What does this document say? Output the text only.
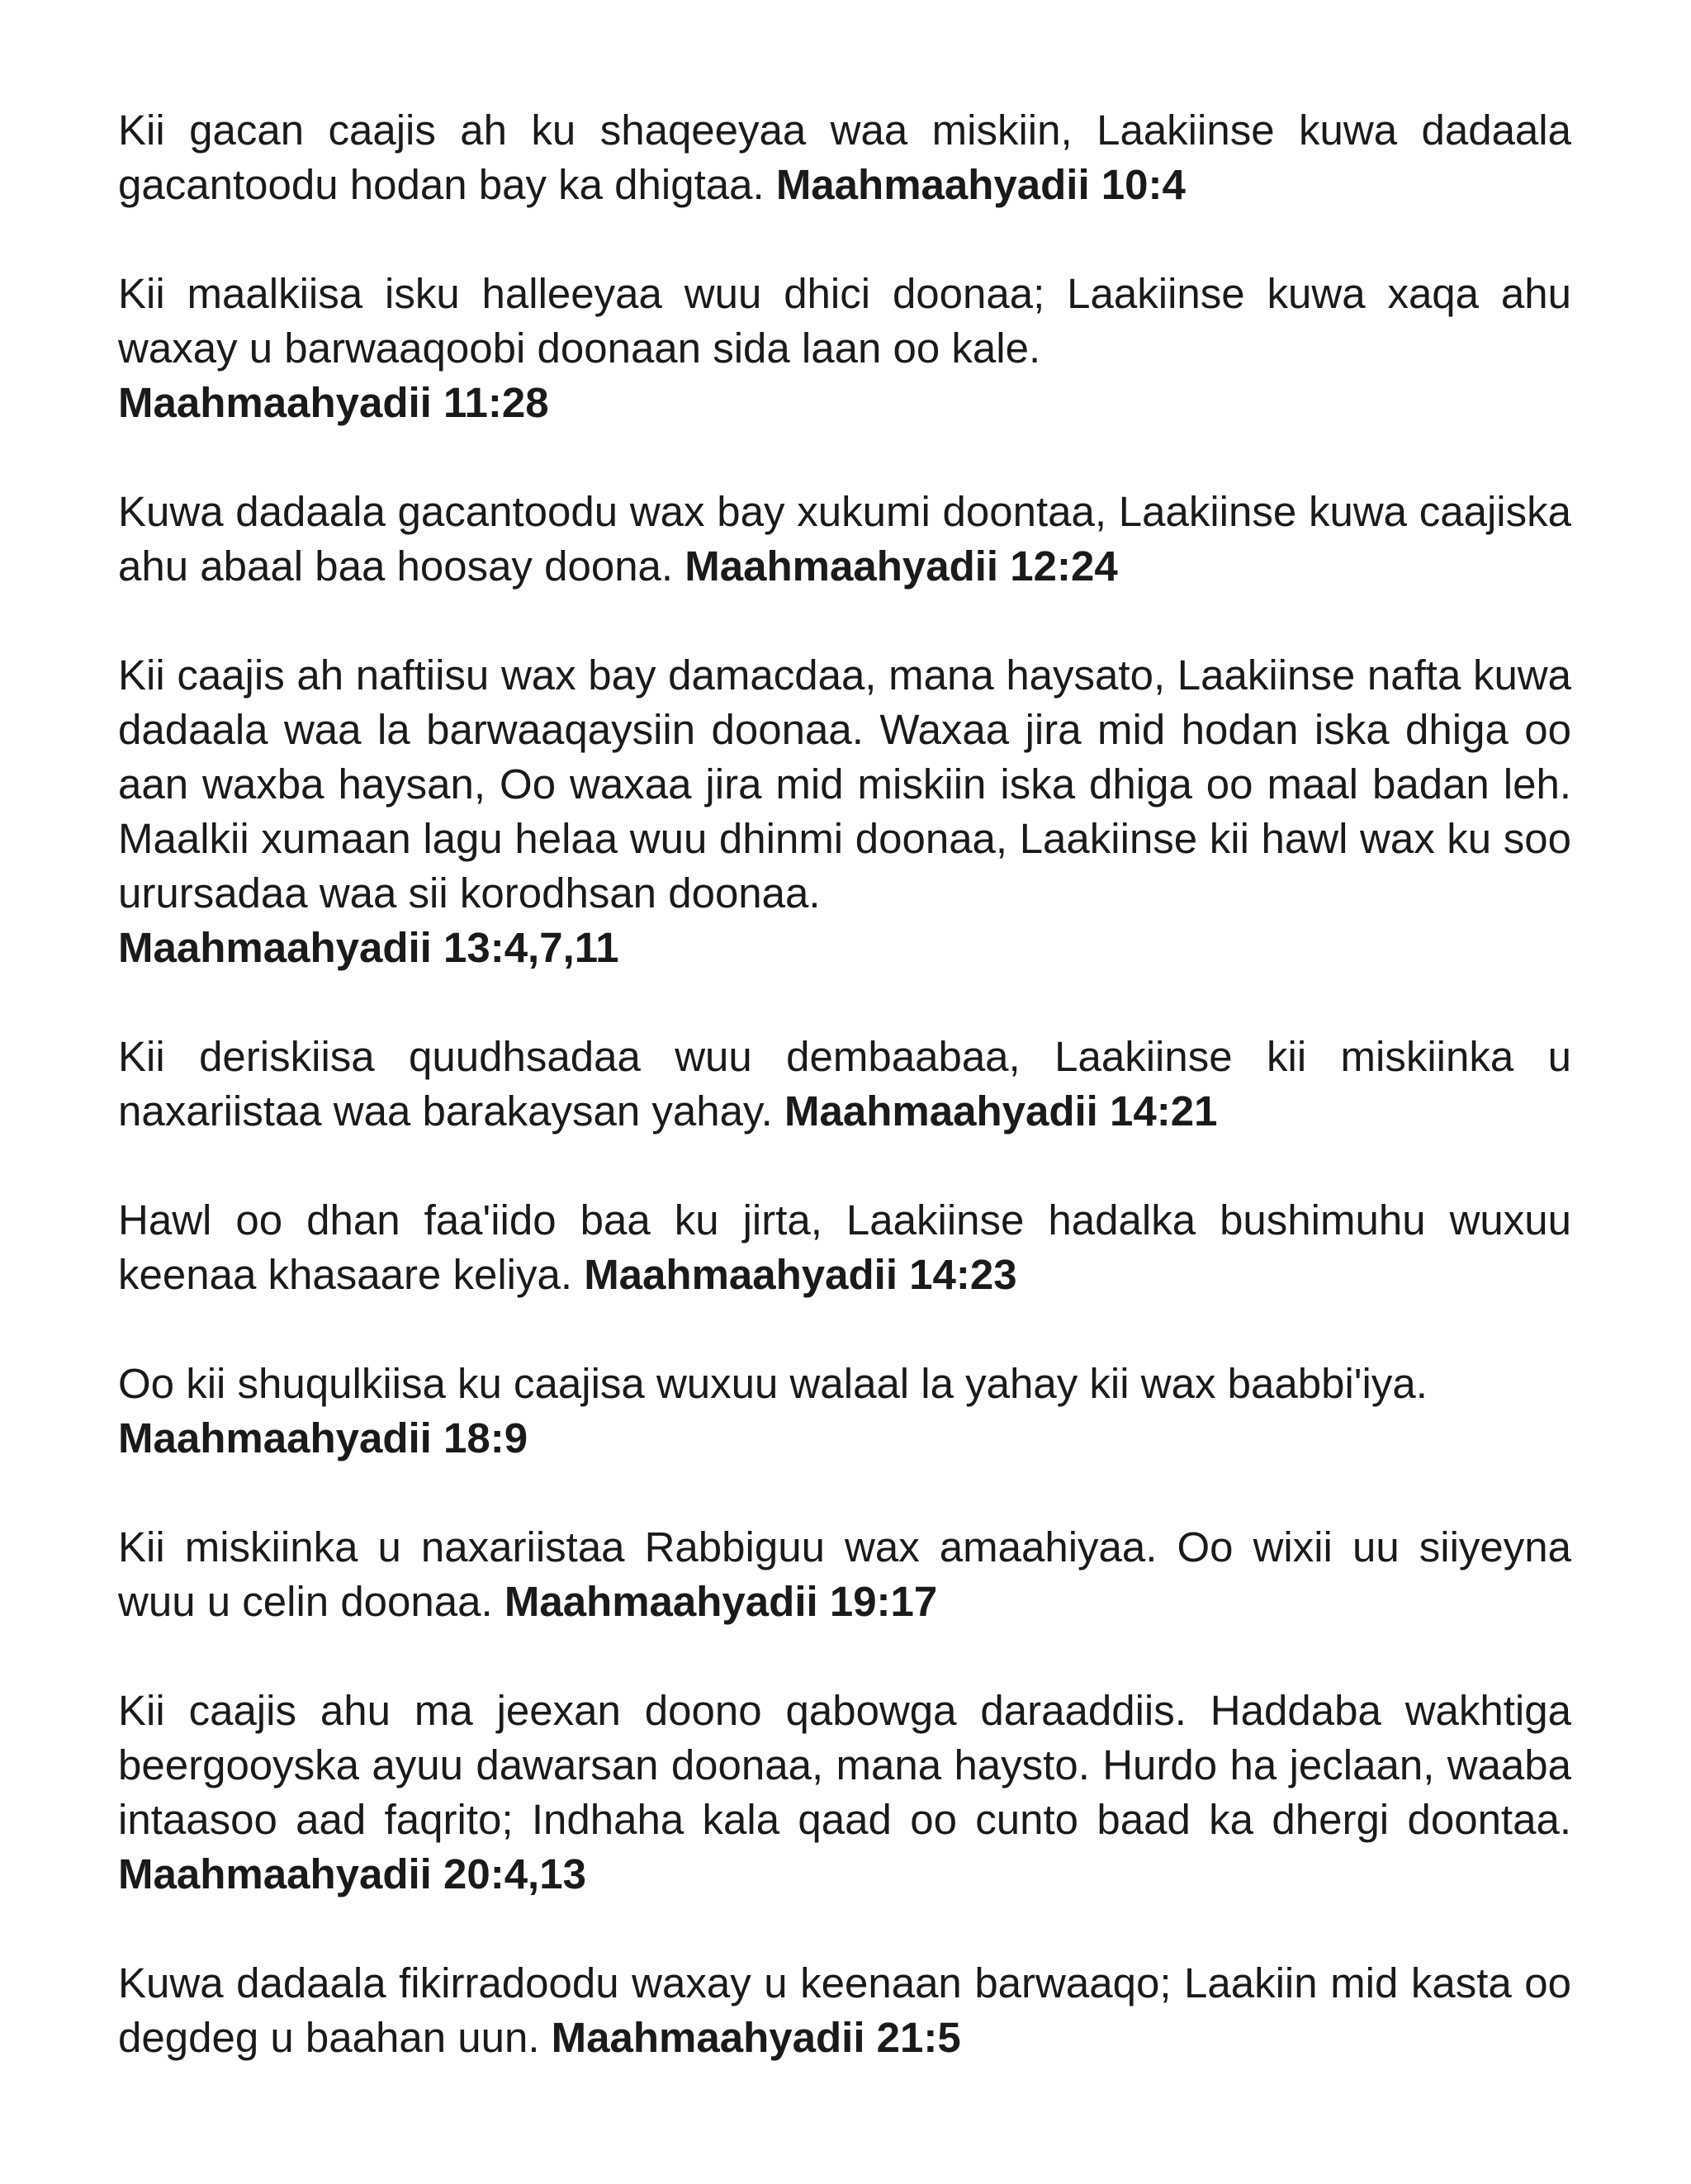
Kii gacan caajis ah ku shaqeeyaa waa miskiin, Laakiinse kuwa dadaala gacantoodu hodan bay ka dhigtaa. Maahmaahyadii 10:4

Kii maalkiisa isku halleeyaa wuu dhici doonaa; Laakiinse kuwa xaqa ahu waxay u barwaaqoobi doonaan sida laan oo kale.
Maahmaahyadii 11:28

Kuwa dadaala gacantoodu wax bay xukumi doontaa, Laakiinse kuwa caajiska ahu abaal baa hoosay doona. Maahmaahyadii 12:24

Kii caajis ah naftiisu wax bay damacdaa, mana haysato, Laakiinse nafta kuwa dadaala waa la barwaaqaysiin doonaa. Waxaa jira mid hodan iska dhiga oo aan waxba haysan, Oo waxaa jira mid miskiin iska dhiga oo maal badan leh. Maalkii xumaan lagu helaa wuu dhinmi doonaa, Laakiinse kii hawl wax ku soo urursadaa waa sii korodhsan doonaa.
Maahmaahyadii 13:4,7,11

Kii deriskiisa quudhsadaa wuu dembaabaa, Laakiinse kii miskiinka u naxariistaa waa barakaysan yahay. Maahmaahyadii 14:21

Hawl oo dhan faa'iido baa ku jirta, Laakiinse hadalka bushimuhu wuxuu keenaa khasaare keliya. Maahmaahyadii 14:23

Oo kii shuqulkiisa ku caajisa wuxuu walaal la yahay kii wax baabbi'iya.
Maahmaahyadii 18:9

Kii miskiinka u naxariistaa Rabbiguu wax amaahiyaa. Oo wixii uu siiyeyna wuu u celin doonaa. Maahmaahyadii 19:17

Kii caajis ahu ma jeexan doono qabowga daraaddiis. Haddaba wakhtiga beergooyska ayuu dawarsan doonaa, mana haysto. Hurdo ha jeclaan, waaba intaasoo aad faqrito; Indhaha kala qaad oo cunto baad ka dhergi doontaa. Maahmaahyadii 20:4,13

Kuwa dadaala fikirradoodu waxay u keenaan barwaaqo; Laakiin mid kasta oo degdeg u baahan uun. Maahmaahyadii 21:5
